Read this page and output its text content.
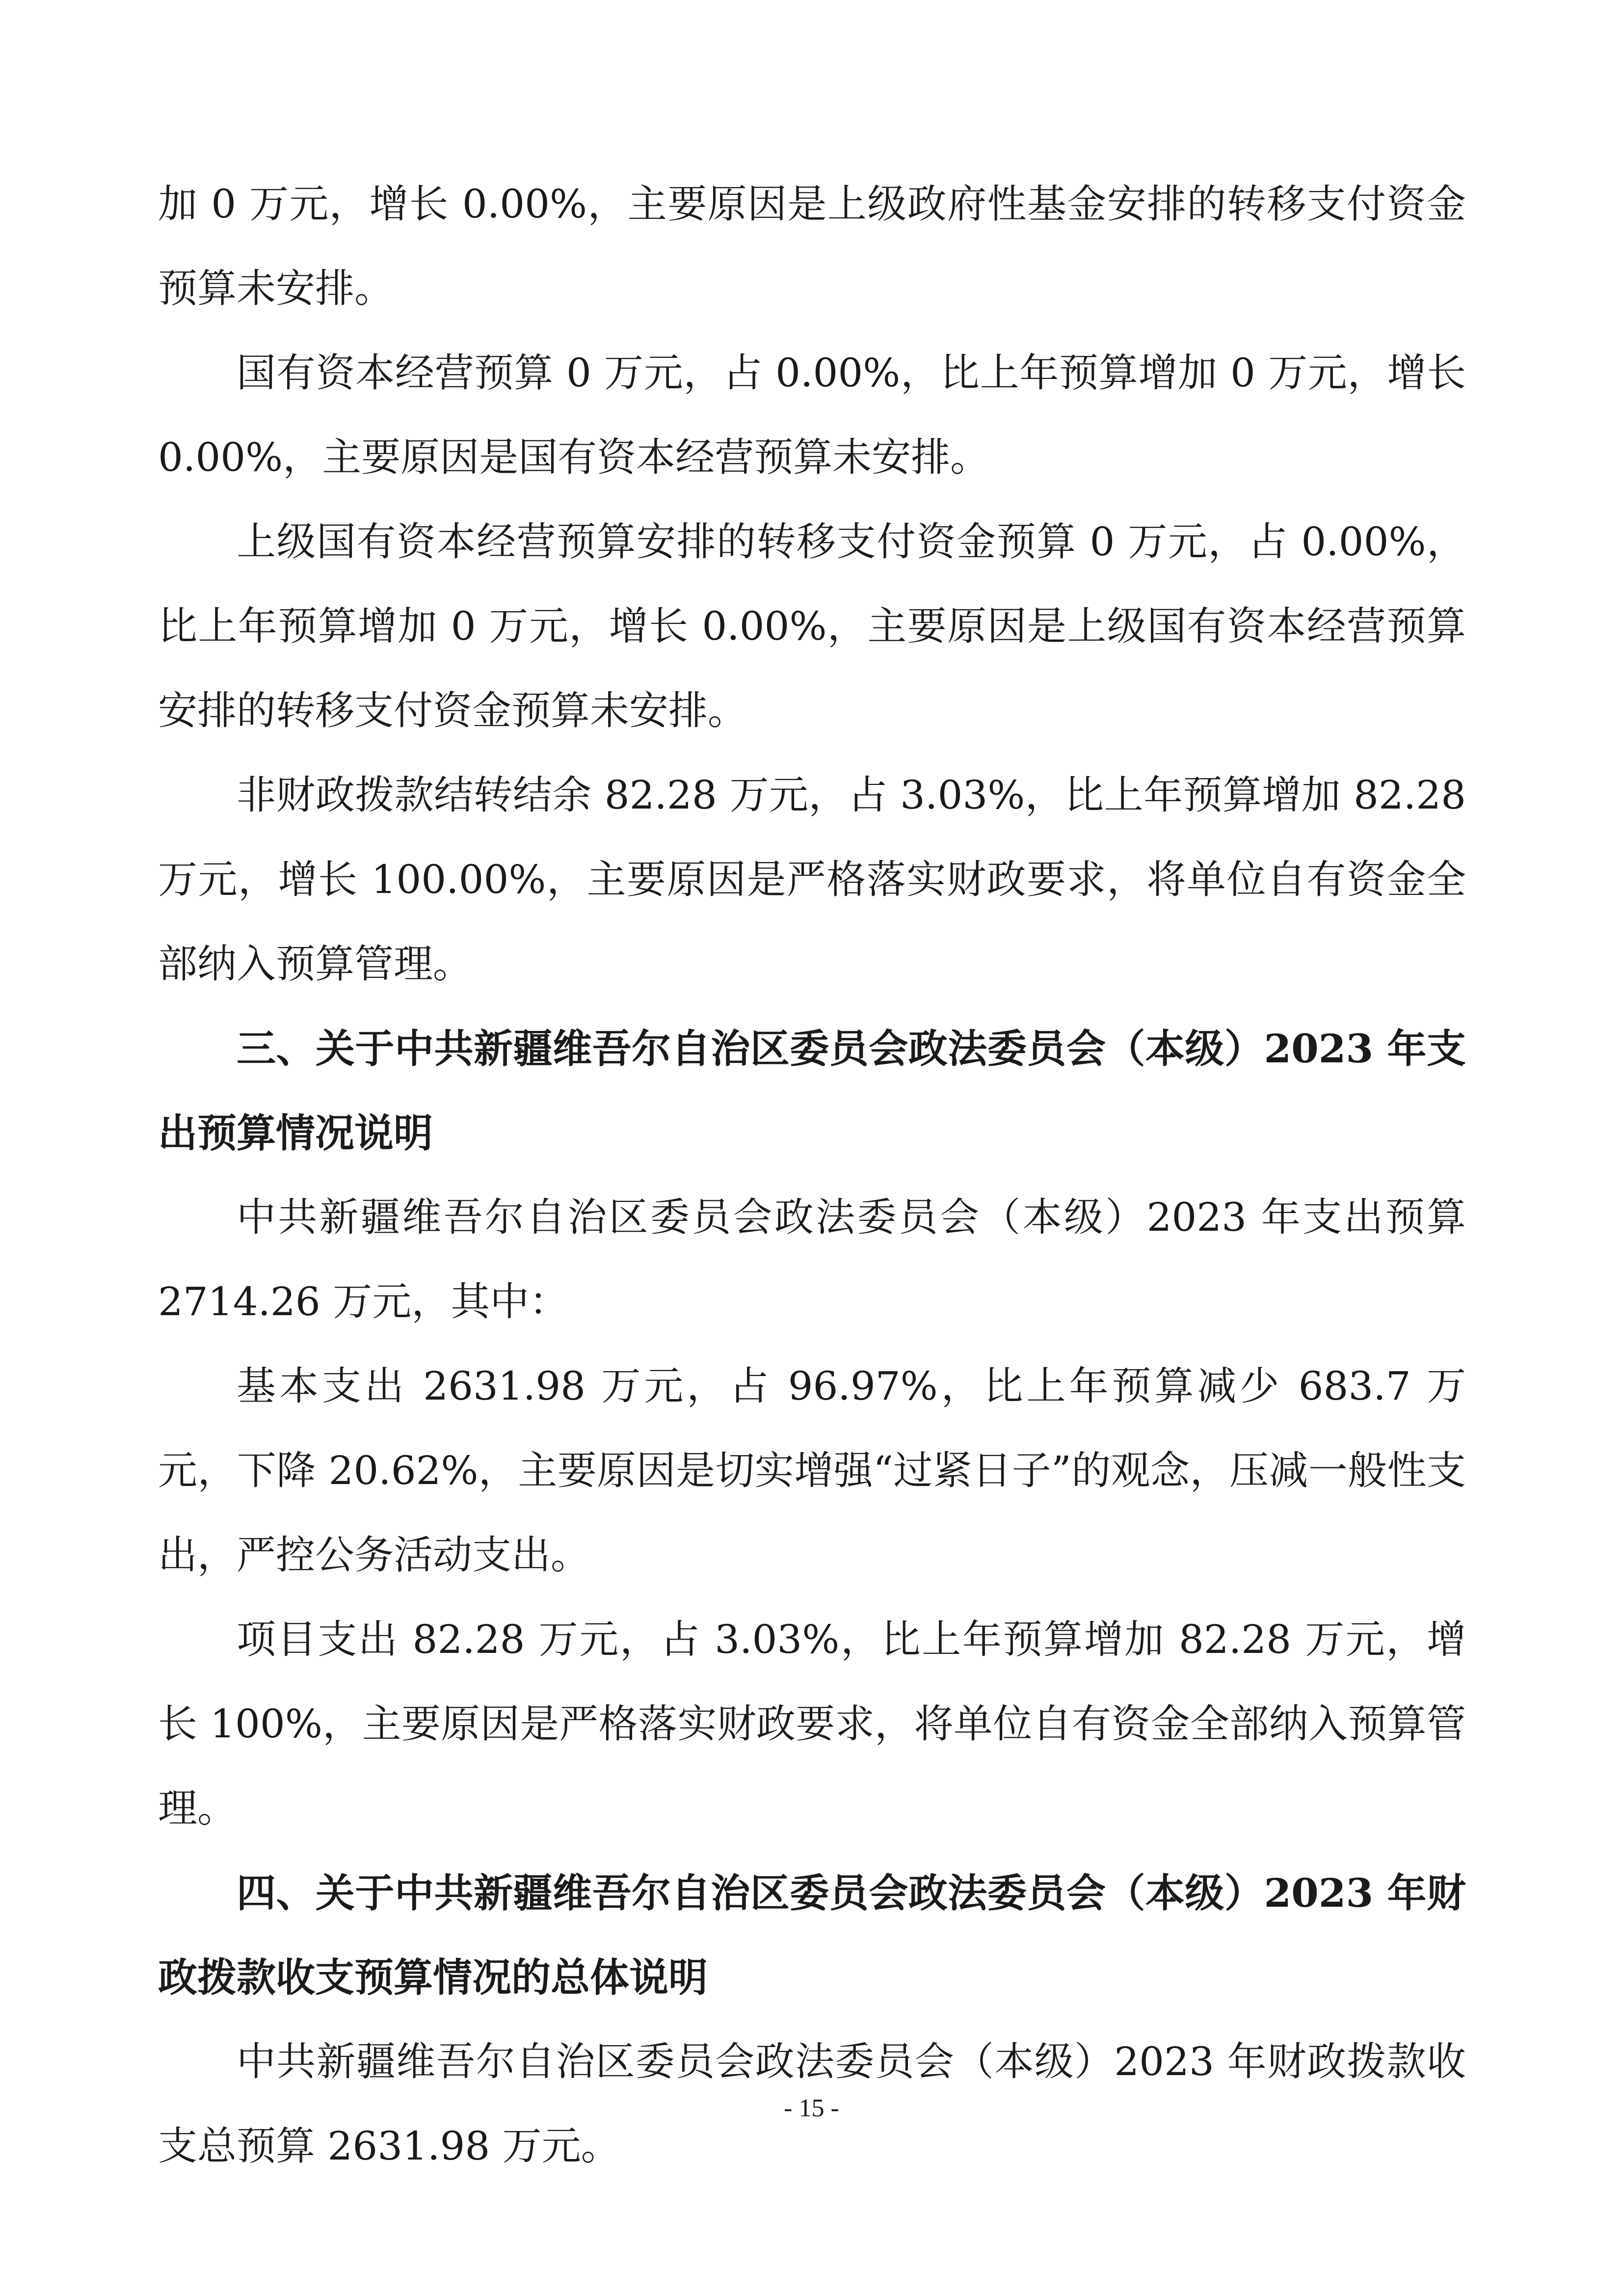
加 0 万元，增长 0.00%，主要原因是上级政府性基金安排的转移支付资金预算未安排。

国有资本经营预算 0 万元，占 0.00%，比上年预算增加 0 万元，增长 0.00%，主要原因是国有资本经营预算未安排。

上级国有资本经营预算安排的转移支付资金预算 0 万元，占 0.00%，比上年预算增加 0 万元，增长 0.00%，主要原因是上级国有资本经营预算安排的转移支付资金预算未安排。

非财政拨款结转结余 82.28 万元，占 3.03%，比上年预算增加 82.28 万元，增长 100.00%，主要原因是严格落实财政要求，将单位自有资金全部纳入预算管理。

三、关于中共新疆维吾尔自治区委员会政法委员会（本级）2023 年支出预算情况说明

中共新疆维吾尔自治区委员会政法委员会（本级）2023 年支出预算 2714.26 万元，其中：

基本支出 2631.98 万元，占 96.97%，比上年预算减少 683.7 万元，下降 20.62%，主要原因是切实增强“过紧日子”的观念，压减一般性支出，严控公务活动支出。

项目支出 82.28 万元，占 3.03%，比上年预算增加 82.28 万元，增长 100%，主要原因是严格落实财政要求，将单位自有资金全部纳入预算管理。

四、关于中共新疆维吾尔自治区委员会政法委员会（本级）2023 年财政拨款收支预算情况的总体说明

中共新疆维吾尔自治区委员会政法委员会（本级）2023 年财政拨款收支总预算 2631.98 万元。

- 15 -
